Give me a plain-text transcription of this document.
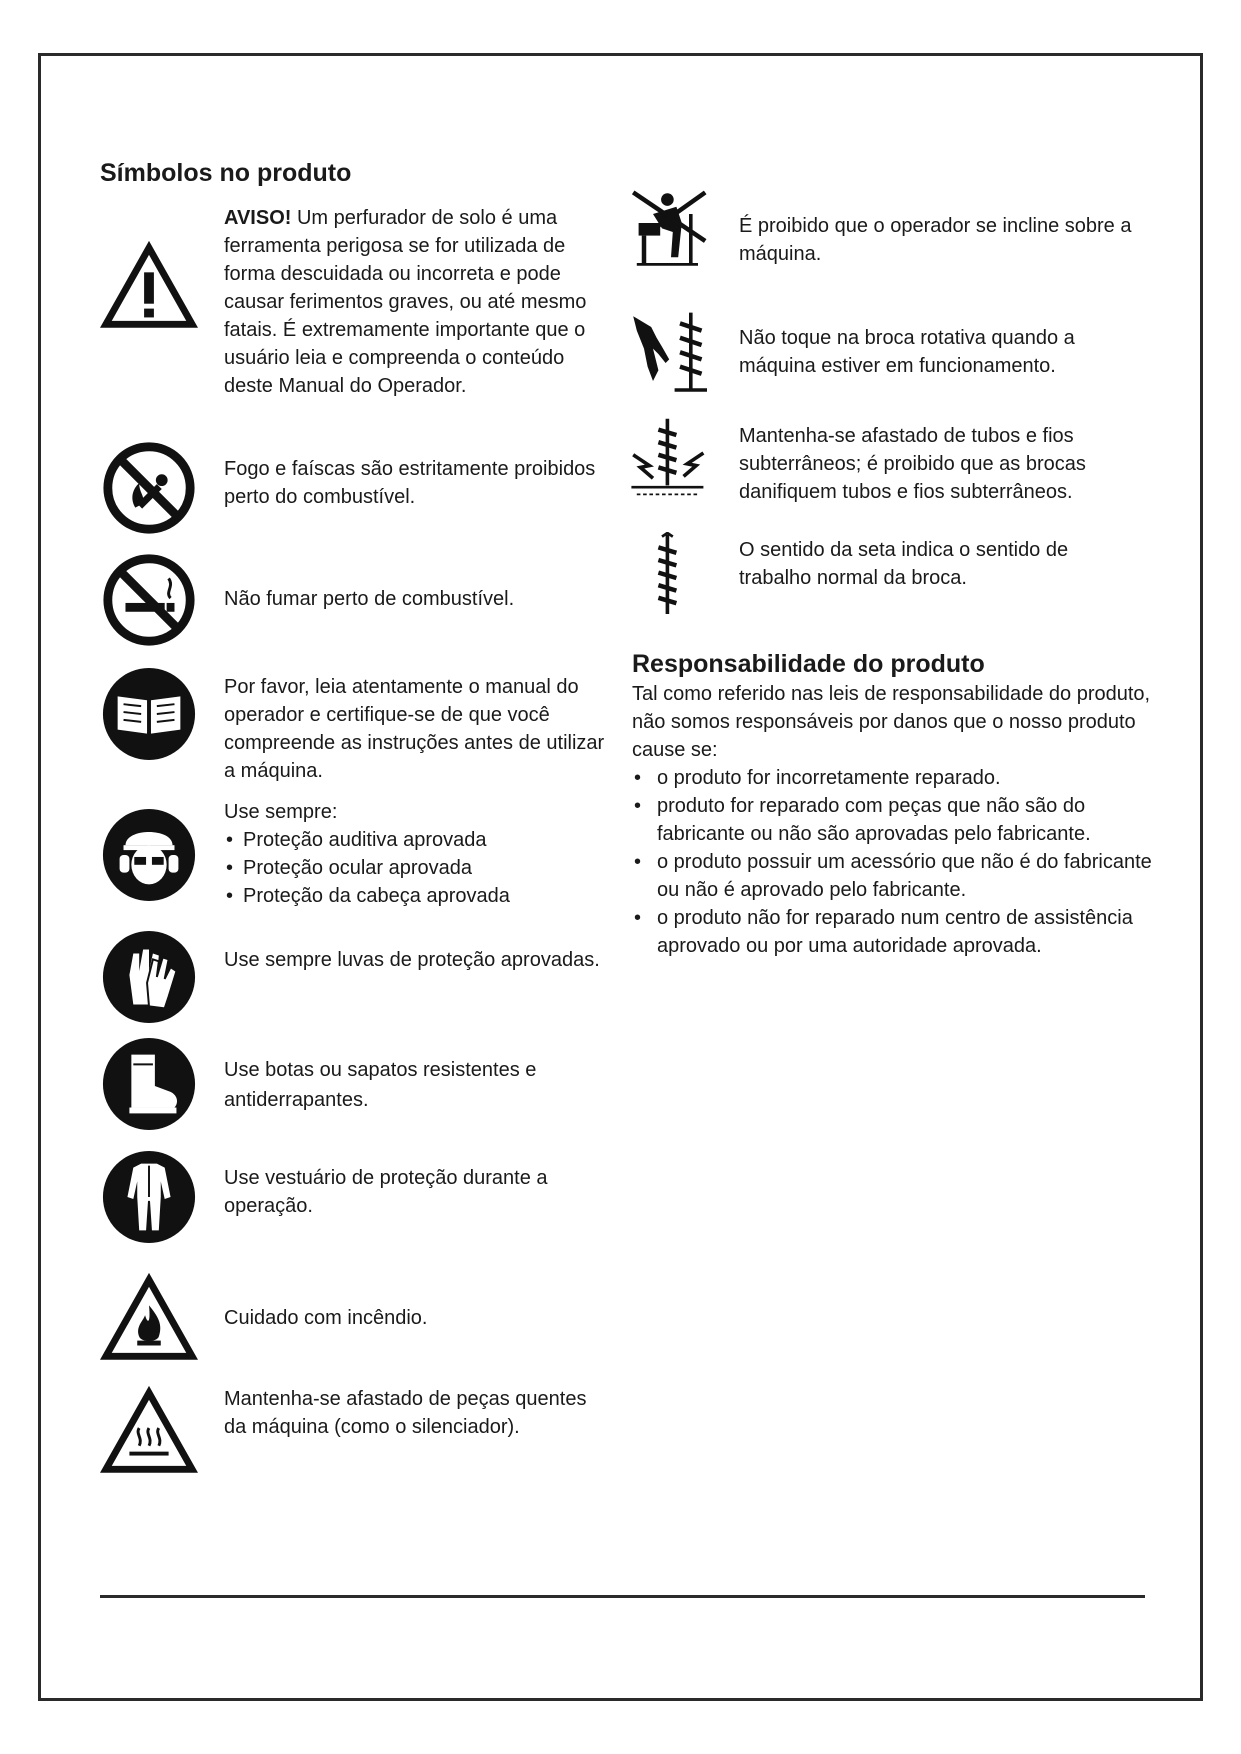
Símbolos no produto
AVISO! Um perfurador de solo é uma ferramenta perigosa se for utilizada de forma descuidada ou incorreta e pode causar ferimentos graves, ou até mesmo fatais. É extremamente importante que o usuário leia e compreenda o conteúdo deste Manual do Operador.
Fogo e faíscas são estritamente proibidos perto do combustível.
Não fumar perto de combustível.
Por favor, leia atentamente o manual do operador e certifique-se de que você compreende as instruções antes de utilizar a máquina.
Use sempre:
• Proteção auditiva aprovada
• Proteção ocular aprovada
• Proteção da cabeça aprovada
Use sempre luvas de proteção aprovadas.
Use botas ou sapatos resistentes e antiderrapantes.
Use vestuário de proteção durante a operação.
Cuidado com incêndio.
Mantenha-se afastado de peças quentes da máquina (como o silenciador).
É proibido que o operador se incline sobre a máquina.
Não toque na broca rotativa quando a máquina estiver em funcionamento.
Mantenha-se afastado de tubos e fios subterrâneos; é proibido que as brocas danifiquem tubos e fios subterrâneos.
O sentido da seta indica o sentido de trabalho normal da broca.
Responsabilidade do produto

Tal como referido nas leis de responsabilidade do produto, não somos responsáveis por danos que o nosso produto cause se:

• o produto for incorretamente reparado.
• produto for reparado com peças que não são do fabricante ou não são aprovadas pelo fabricante.
• o produto possuir um acessório que não é do fabricante ou não é aprovado pelo fabricante.
• o produto não for reparado num centro de assistência aprovado ou por uma autoridade aprovada.
